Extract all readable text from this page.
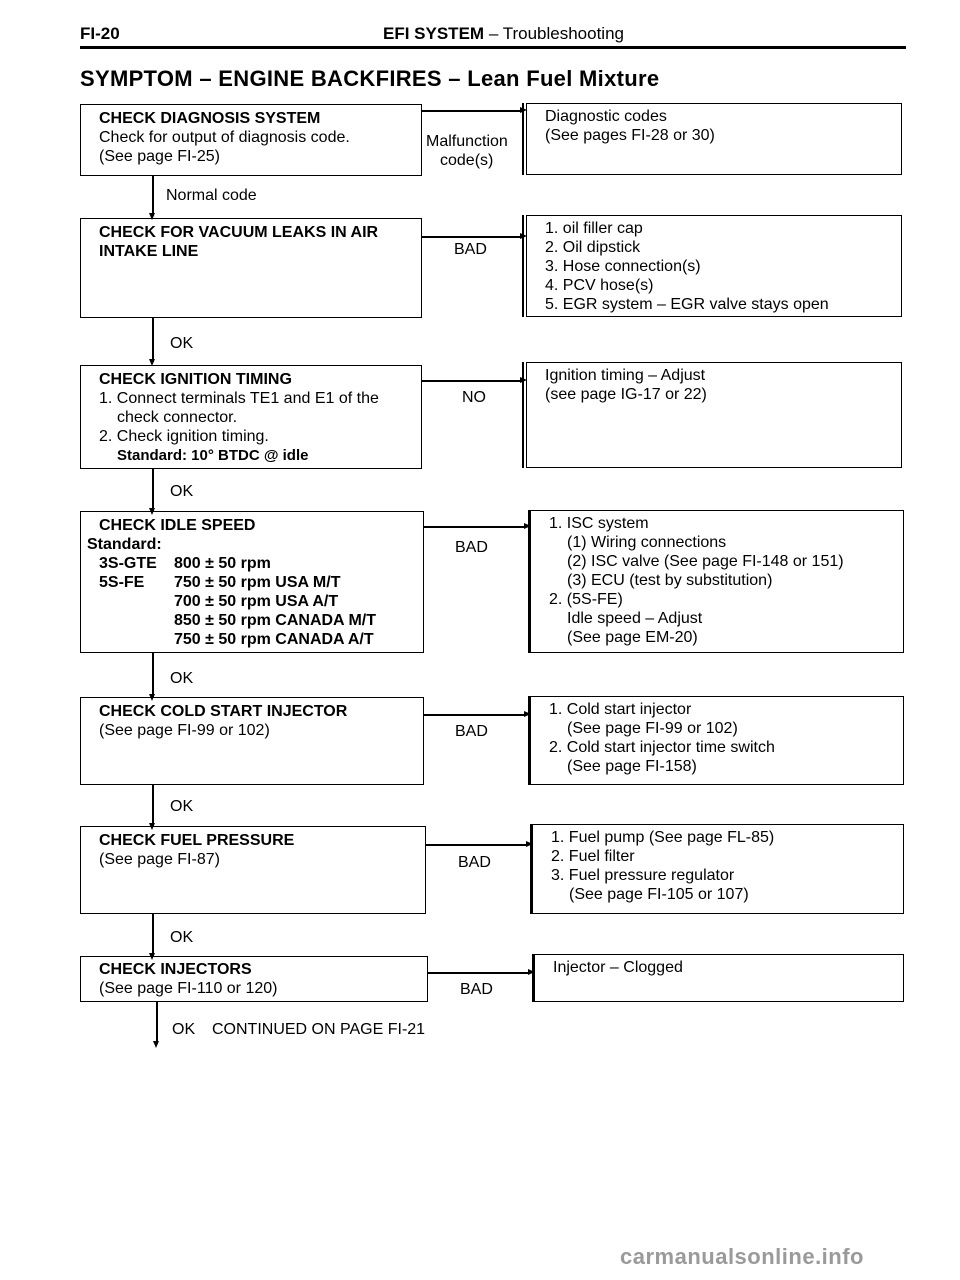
FI-20	EFI SYSTEM – Troubleshooting
SYMPTOM – ENGINE BACKFIRES – Lean Fuel Mixture
CHECK DIAGNOSIS SYSTEM
Check for output of diagnosis code.
(See page FI-25)
Malfunction
code(s)
Diagnostic codes
(See pages FI-28 or 30)
Normal code
CHECK FOR VACUUM LEAKS IN AIR
INTAKE LINE	BAD
1. oil filler cap
2. Oil dipstick
3. Hose connection(s)
4. PCV hose(s)
5. EGR system – EGR valve stays open
OK
CHECK IGNITION TIMING
1. Connect terminals TE1 and E1 of the
check connector.
2. Check ignition timing.
Standard: 10° BTDC @ idle
NO
Ignition timing – Adjust
(see page IG-17 or 22)
OK
CHECK IDLE SPEED
Standard:
3S-GTE	800 ± 50 rpm
5S-FE	750 ± 50 rpm USA M/T
700 ± 50 rpm USA A/T
850 ± 50 rpm CANADA M/T
750 ± 50 rpm CANADA A/T
BAD
1. ISC system
(1) Wiring connections
(2) ISC valve (See page FI-148 or 151)
(3) ECU (test by substitution)
2. (5S-FE)
Idle speed – Adjust
(See page EM-20)
OK
CHECK COLD START INJECTOR
(See page FI-99 or 102)	BAD
1. Cold start injector
(See page FI-99 or 102)
2. Cold start injector time switch
(See page FI-158)
OK
CHECK FUEL PRESSURE
(See page FI-87)	BAD
1. Fuel pump (See page FL-85)
2. Fuel filter
3. Fuel pressure regulator
(See page FI-105 or 107)
OK
CHECK INJECTORS
(See page FI-110 or 120)	BAD
Injector – Clogged
OK CONTINUED ON PAGE FI-21
carmanualsonline.info
